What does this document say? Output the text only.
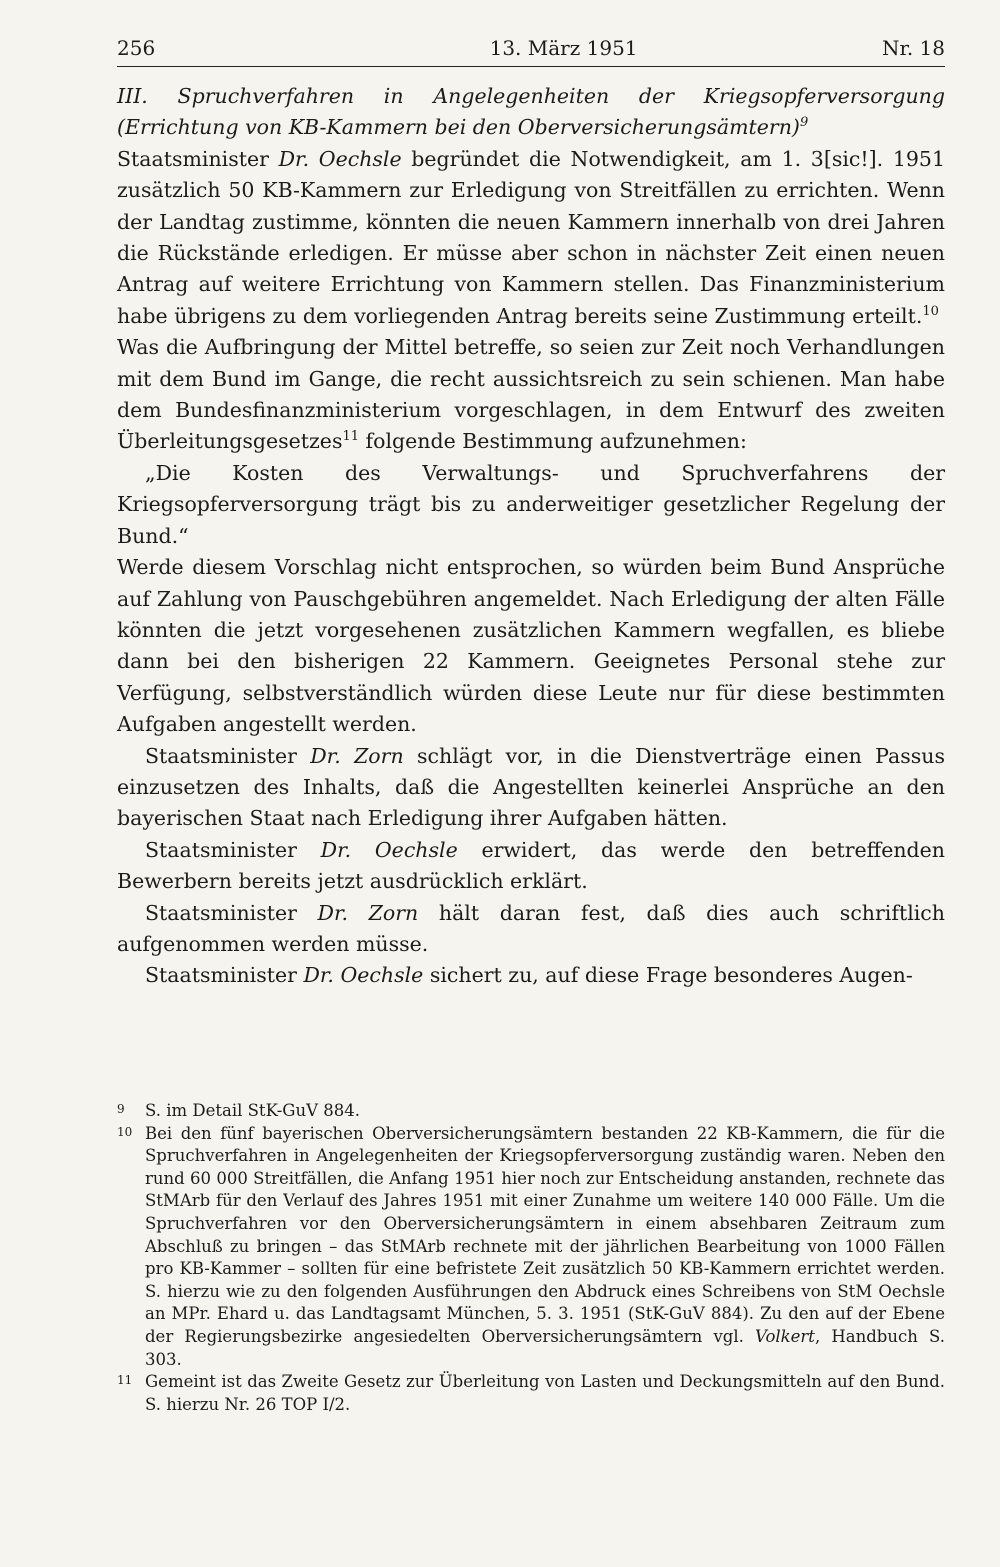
256	13. März 1951	Nr. 18

III. Spruchverfahren in Angelegenheiten der Kriegsopferversorgung (Errichtung von KB-Kammern bei den Oberversicherungsämtern)$^9$

Staatsminister Dr. Oechsle begründet die Notwendigkeit, am 1. 3[sic!]. 1951 zusätzlich 50 KB-Kammern zur Erledigung von Streitfällen zu errichten. Wenn der Landtag zustimme, könnten die neuen Kammern innerhalb von drei Jahren die Rückstände erledigen. Er müsse aber schon in nächster Zeit einen neuen Antrag auf weitere Errichtung von Kammern stellen. Das Finanzministerium habe übrigens zu dem vorliegenden Antrag bereits seine Zustimmung erteilt.$^{10}$

Was die Aufbringung der Mittel betreffe, so seien zur Zeit noch Verhandlungen mit dem Bund im Gange, die recht aussichtsreich zu sein schienen. Man habe dem Bundesfinanzministerium vorgeschlagen, in dem Entwurf des zweiten Überleitungsgesetzes$^{11}$ folgende Bestimmung aufzunehmen:

„Die Kosten des Verwaltungs- und Spruchverfahrens der Kriegsopferversorgung trägt bis zu anderweitiger gesetzlicher Regelung der Bund.“

Werde diesem Vorschlag nicht entsprochen, so würden beim Bund Ansprüche auf Zahlung von Pauschgebühren angemeldet. Nach Erledigung der alten Fälle könnten die jetzt vorgesehenen zusätzlichen Kammern wegfallen, es bliebe dann bei den bisherigen 22 Kammern. Geeignetes Personal stehe zur Verfügung, selbstverständlich würden diese Leute nur für diese bestimmten Aufgaben angestellt werden.

Staatsminister Dr. Zorn schlägt vor, in die Dienstverträge einen Passus einzusetzen des Inhalts, daß die Angestellten keinerlei Ansprüche an den bayerischen Staat nach Erledigung ihrer Aufgaben hätten.

Staatsminister Dr. Oechsle erwidert, das werde den betreffenden Bewerbern bereits jetzt ausdrücklich erklärt.

Staatsminister Dr. Zorn hält daran fest, daß dies auch schriftlich aufgenommen werden müsse.

Staatsminister Dr. Oechsle sichert zu, auf diese Frage besonderes Augen-

9 S. im Detail StK-GuV 884.

10 Bei den fünf bayerischen Oberversicherungsämtern bestanden 22 KB-Kammern, die für die Spruchverfahren in Angelegenheiten der Kriegsopferversorgung zuständig waren. Neben den rund 60 000 Streitfällen, die Anfang 1951 hier noch zur Entscheidung anstanden, rechnete das StMArb für den Verlauf des Jahres 1951 mit einer Zunahme um weitere 140 000 Fälle. Um die Spruchverfahren vor den Oberversicherungsämtern in einem absehbaren Zeitraum zum Abschluß zu bringen – das StMArb rechnete mit der jährlichen Bearbeitung von 1000 Fällen pro KB-Kammer – sollten für eine befristete Zeit zusätzlich 50 KB-Kammern errichtet werden. S. hierzu wie zu den folgenden Ausführungen den Abdruck eines Schreibens von StM Oechsle an MPr. Ehard u. das Landtagsamt München, 5. 3. 1951 (StK-GuV 884). Zu den auf der Ebene der Regierungsbezirke angesiedelten Oberversicherungsämtern vgl. Volkert, Handbuch S. 303.

11 Gemeint ist das Zweite Gesetz zur Überleitung von Lasten und Deckungsmitteln auf den Bund. S. hierzu Nr. 26 TOP I/2.
